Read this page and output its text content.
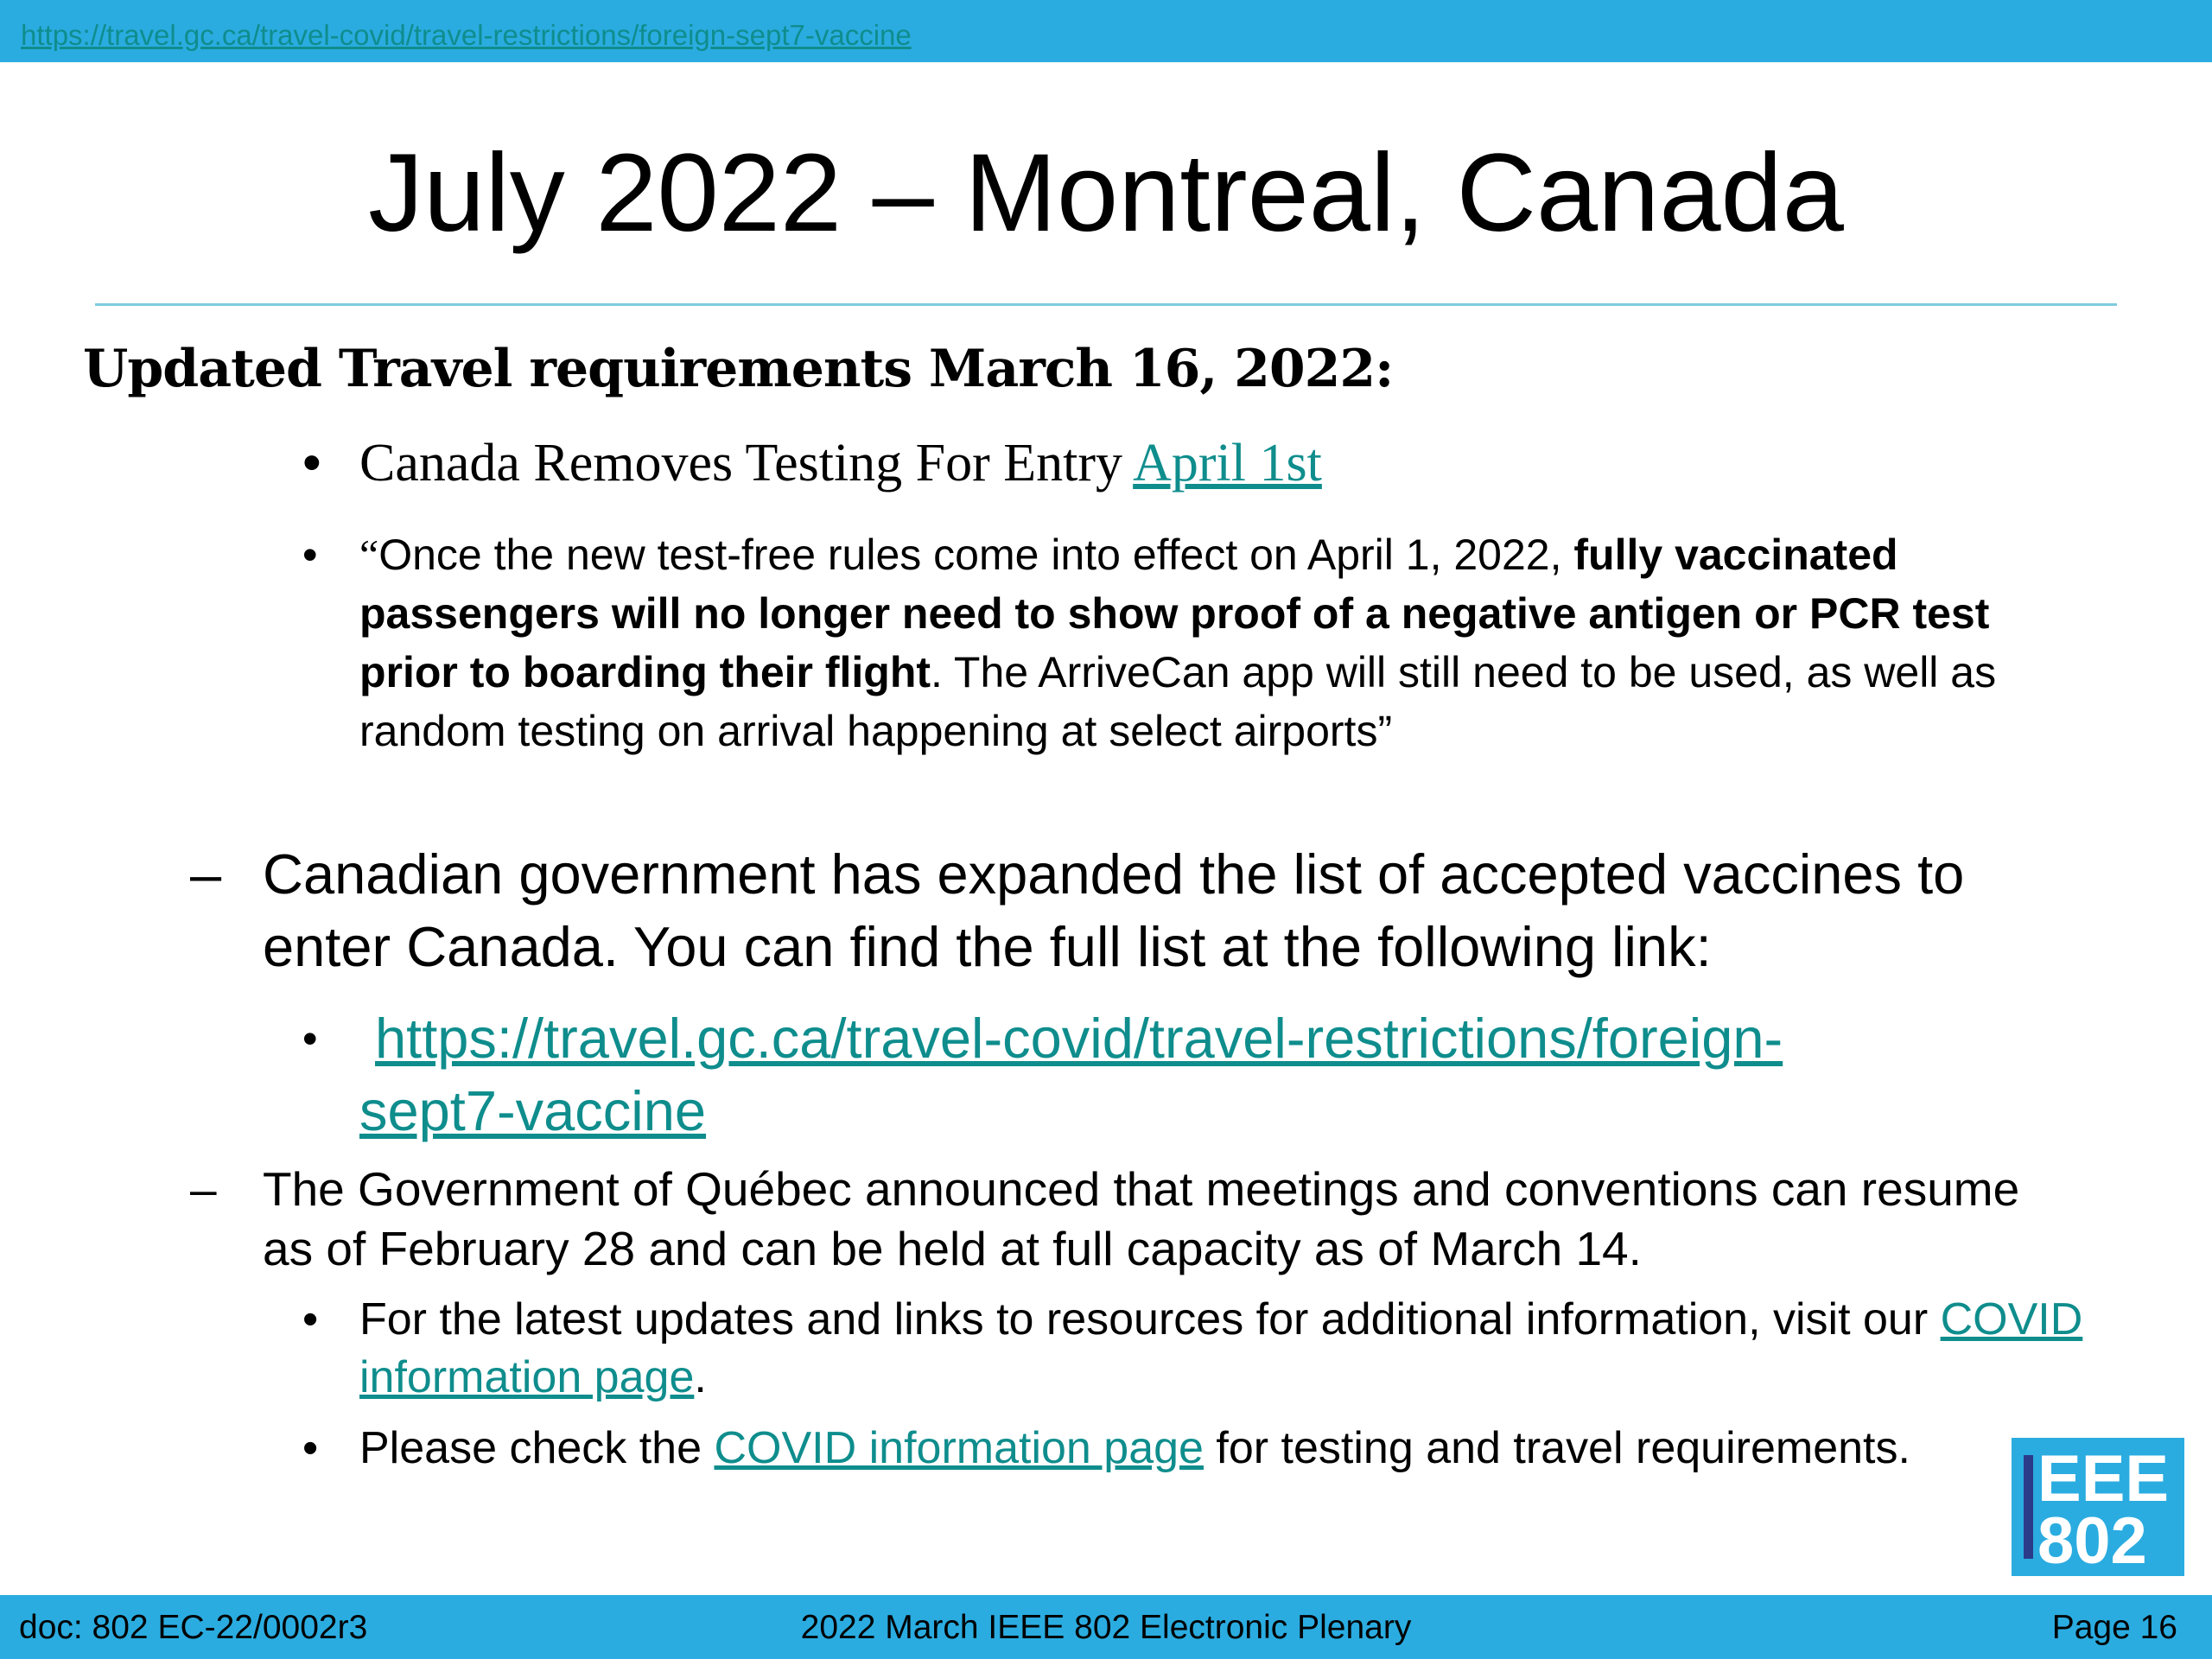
https://travel.gc.ca/travel-covid/travel-restrictions/foreign-sept7-vaccine
July 2022 – Montreal, Canada
Updated Travel requirements March 16, 2022:
• Canada Removes Testing For Entry April 1st
• “Once the new test-free rules come into effect on April 1, 2022, fully vaccinated passengers will no longer need to show proof of a negative antigen or PCR test prior to boarding their flight. The ArriveCan app will still need to be used, as well as random testing on arrival happening at select airports”
– Canadian government has expanded the list of accepted vaccines to enter Canada. You can find the full list at the following link:
• https://travel.gc.ca/travel-covid/travel-restrictions/foreign-
sept7-vaccine
– The Government of Québec announced that meetings and conventions can resume as of February 28 and can be held at full capacity as of March 14.
• For the latest updates and links to resources for additional information, visit our COVID information page.
• Please check the COVID information page for testing and travel requirements. EEE
802
doc: 802 EC-22/0002r3	2022 March IEEE 802 Electronic Plenary	Page 16
